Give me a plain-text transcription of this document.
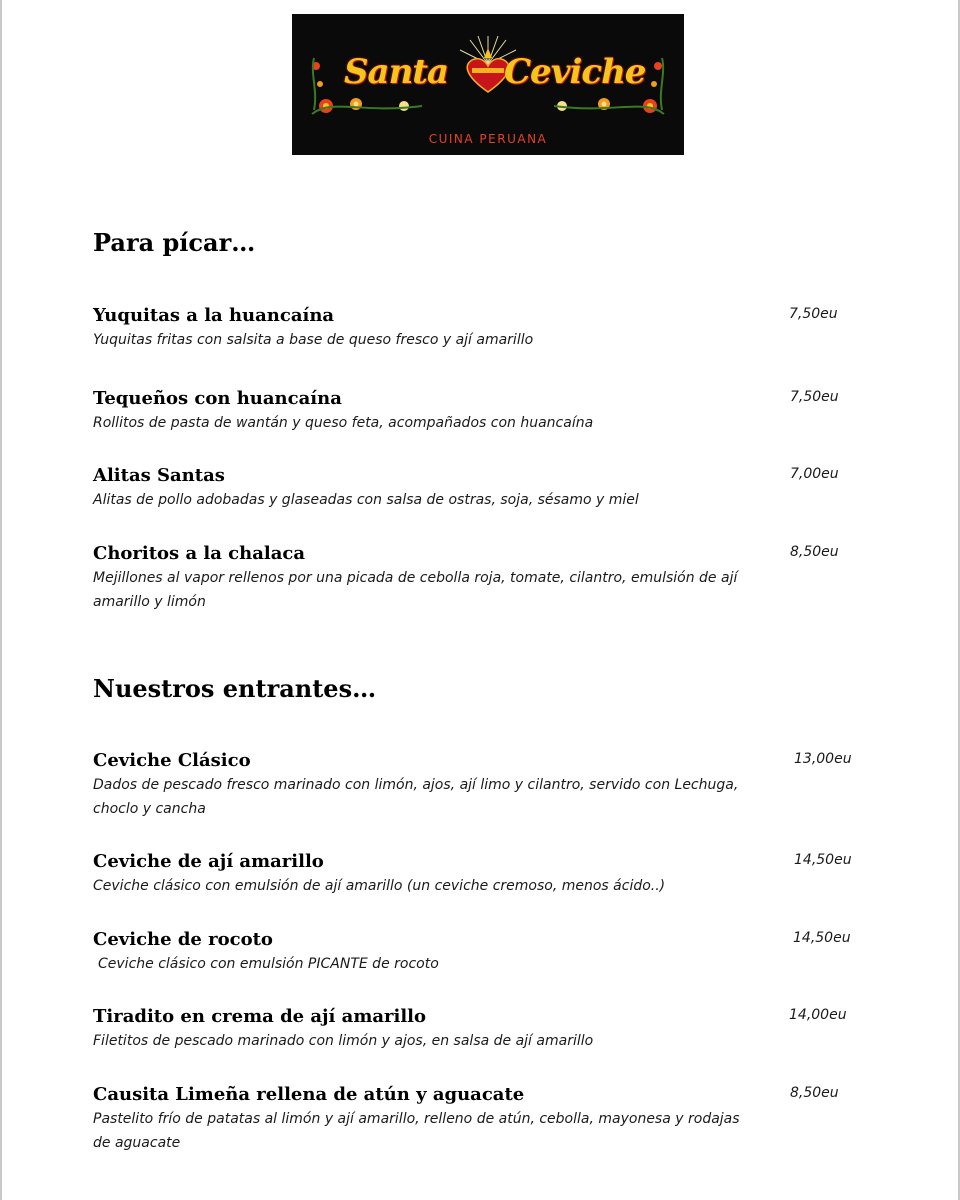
Santa Ceviche
CUINA PERUANA
Para pícar…

Yuquitas a la huancaína

Yuquitas fritas con salsita a base de queso fresco y ají amarillo

7,50eu

Tequeños con huancaína

Rollitos de pasta de wantán y queso feta, acompañados con huancaína

7,50eu

Alitas Santas

Alitas de pollo adobadas y glaseadas con salsa de ostras, soja, sésamo y miel

7,00eu

Choritos a la chalaca

Mejillones al vapor rellenos por una picada de cebolla roja, tomate, cilantro, emulsión de ají amarillo y limón

8,50eu
Nuestros entrantes…

Ceviche Clásico

Dados de pescado fresco marinado con limón, ajos, ají limo y cilantro, servido con Lechuga, choclo y cancha

13,00eu

Ceviche de ají amarillo

Ceviche clásico con emulsión de ají amarillo (un ceviche cremoso, menos ácido..)

14,50eu

Ceviche de rocoto

Ceviche clásico con emulsión PICANTE de rocoto

14,50eu

Tiradito en crema de ají amarillo

Filetitos de pescado marinado con limón y ajos, en salsa de ají amarillo

14,00eu

Causita Limeña rellena de atún y aguacate

Pastelito frío de patatas al limón y ají amarillo, relleno de atún, cebolla, mayonesa y rodajas de aguacate

8,50eu
